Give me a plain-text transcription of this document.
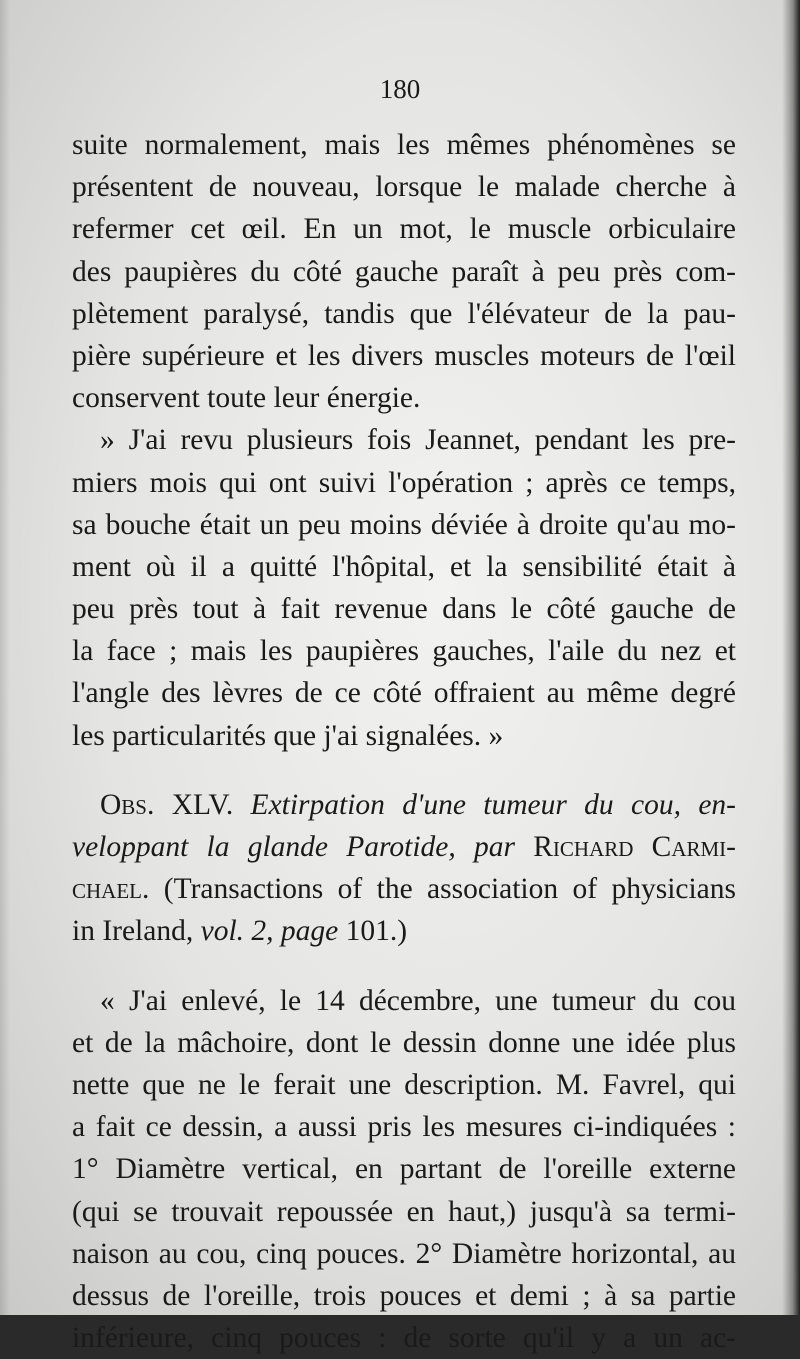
180
suite normalement, mais les mêmes phénomènes se
présentent de nouveau, lorsque le malade cherche à
refermer cet œil. En un mot, le muscle orbiculaire
des paupières du côté gauche paraît à peu près com-
plètement paralysé, tandis que l'élévateur de la pau-
pière supérieure et les divers muscles moteurs de l'œil
conservent toute leur énergie.
» J'ai revu plusieurs fois Jeannet, pendant les pre-
miers mois qui ont suivi l'opération ; après ce temps,
sa bouche était un peu moins déviée à droite qu'au mo-
ment où il a quitté l'hôpital, et la sensibilité était à
peu près tout à fait revenue dans le côté gauche de
la face ; mais les paupières gauches, l'aile du nez et
l'angle des lèvres de ce côté offraient au même degré
les particularités que j'ai signalées. »
Obs. XLV. Extirpation d'une tumeur du cou, en-
veloppant la glande Parotide, par Richard Carmi-
chael. (Transactions of the association of physicians
in Ireland, vol. 2, page 101.)
« J'ai enlevé, le 14 décembre, une tumeur du cou
et de la mâchoire, dont le dessin donne une idée plus
nette que ne le ferait une description. M. Favrel, qui
a fait ce dessin, a aussi pris les mesures ci-indiquées :
1° Diamètre vertical, en partant de l'oreille externe
(qui se trouvait repoussée en haut,) jusqu'à sa termi-
naison au cou, cinq pouces. 2° Diamètre horizontal, au
dessus de l'oreille, trois pouces et demi ; à sa partie
inférieure, cinq pouces : de sorte qu'il y a un ac-
